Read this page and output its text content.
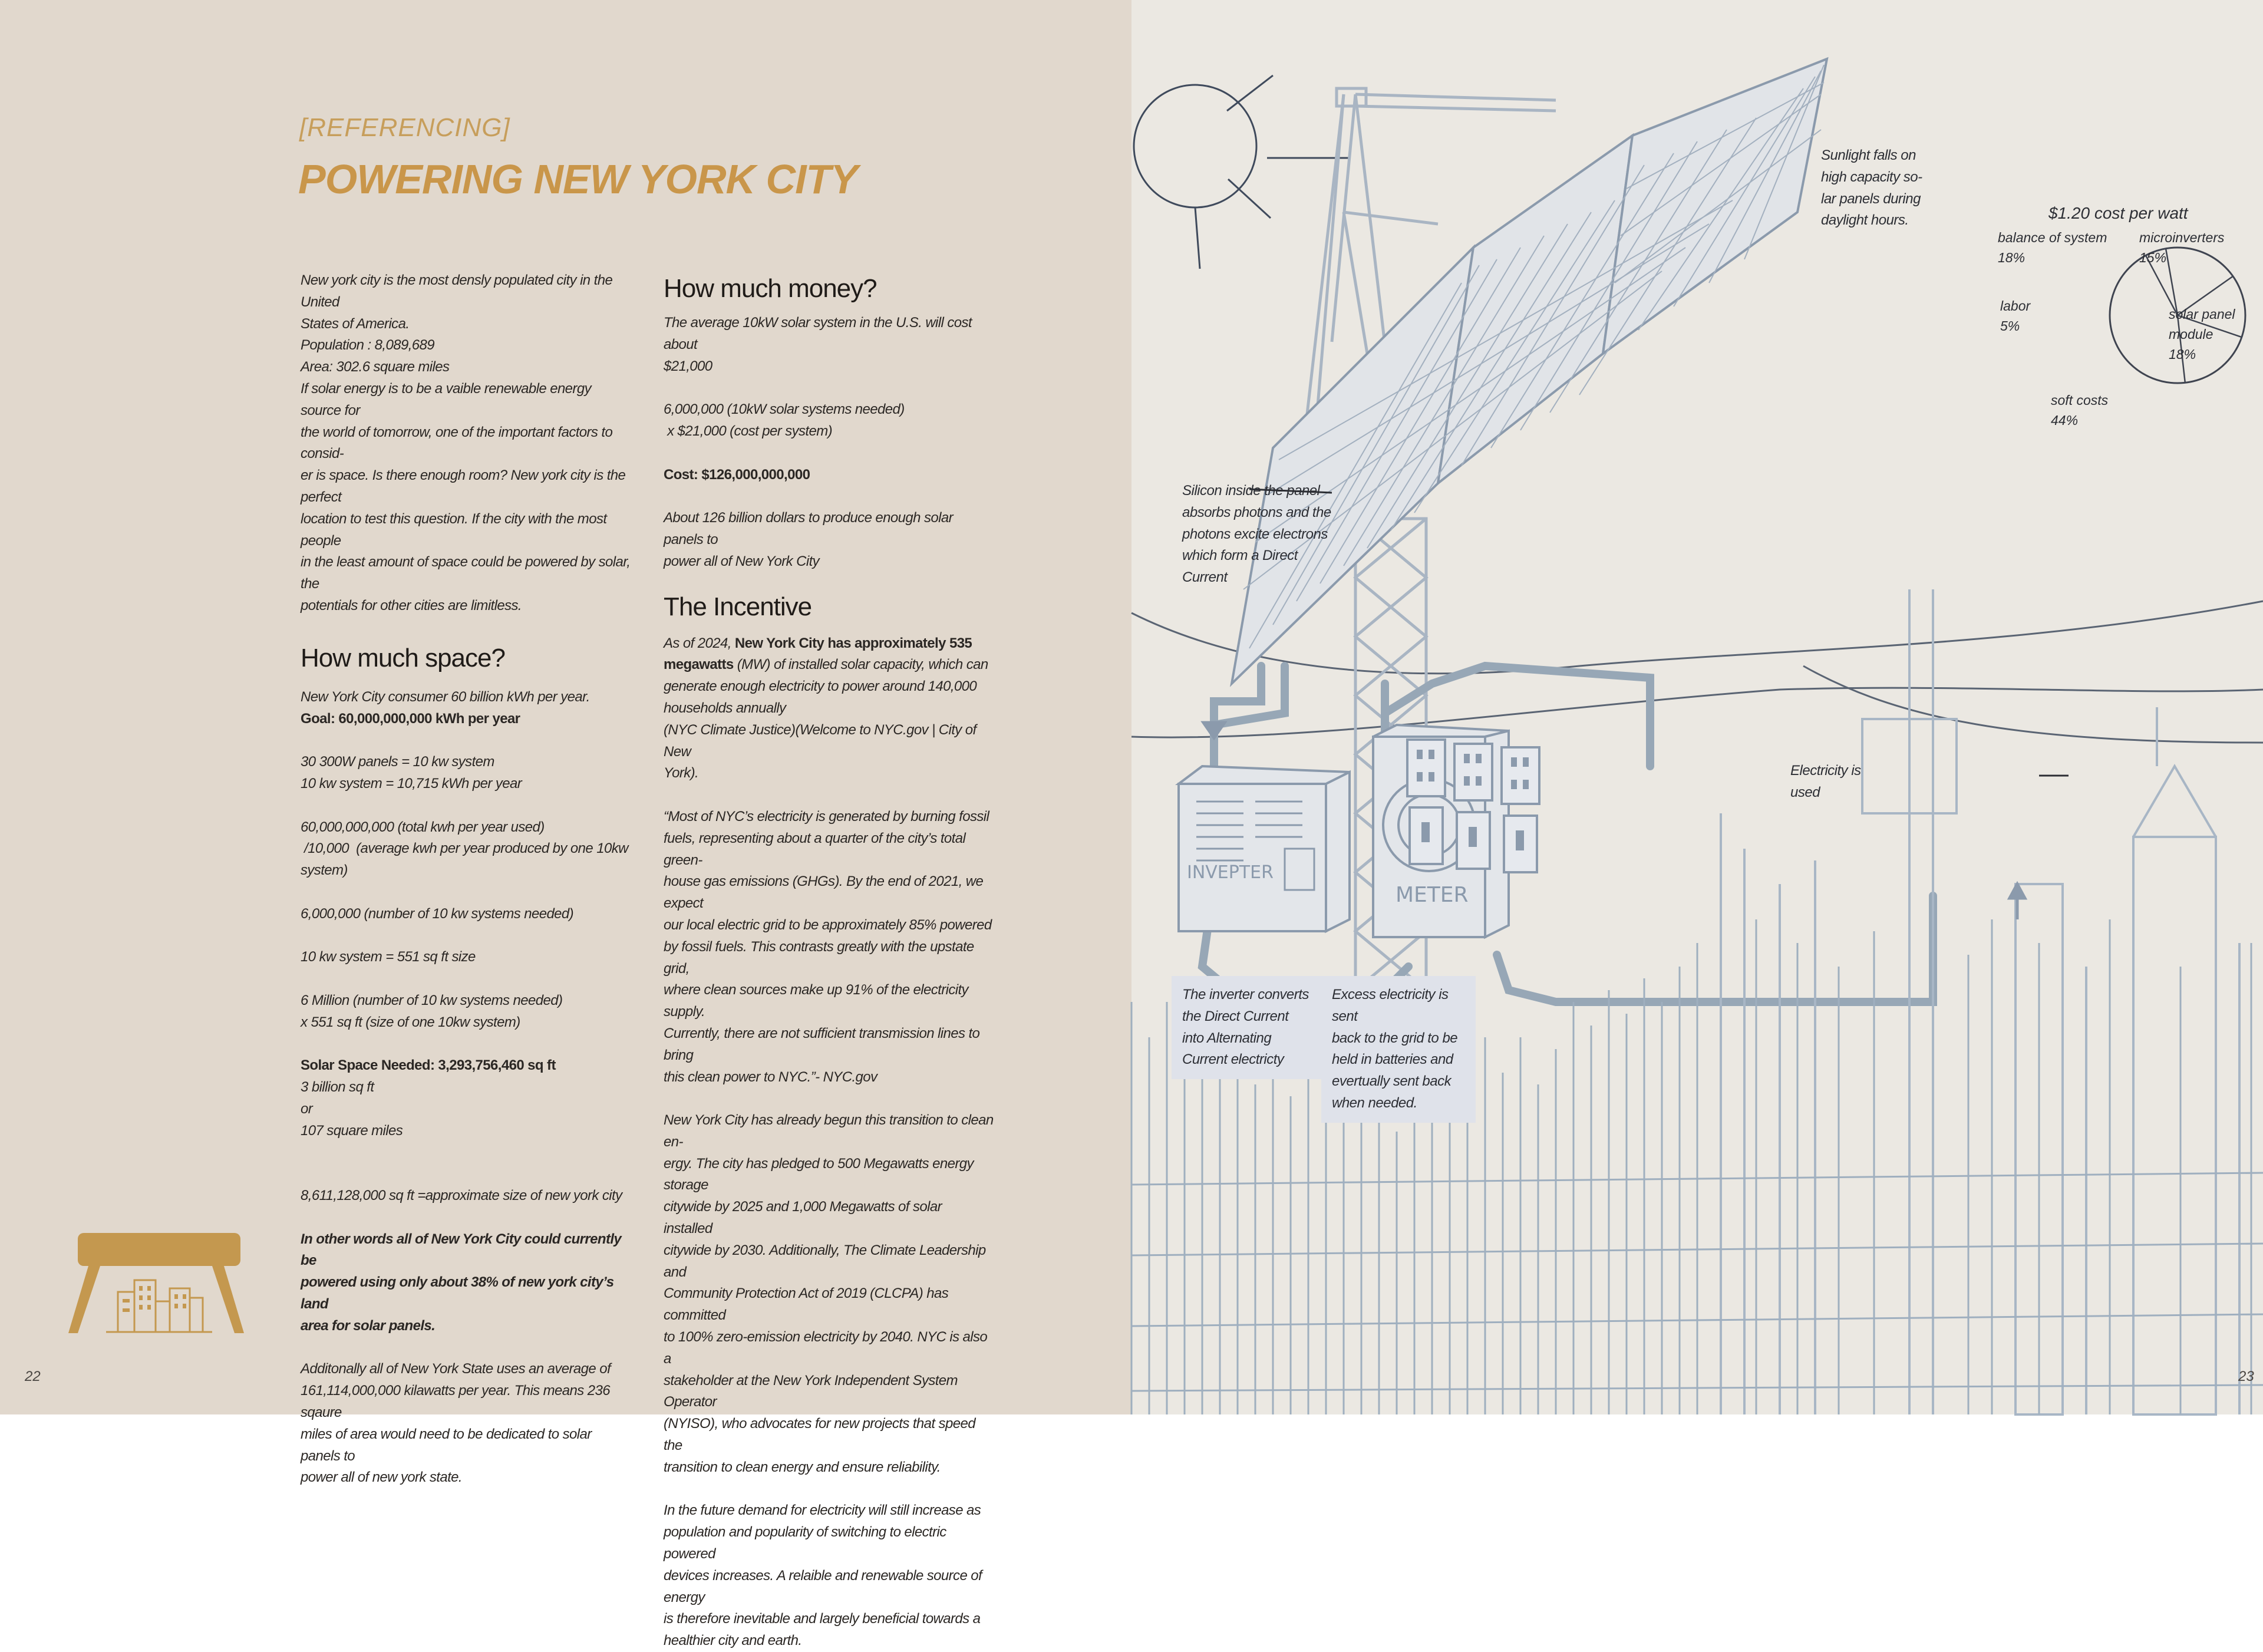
[REFERENCING]
POWERING NEW YORK CITY

New york city is the most densly populated city in the United

States of America.

Population : 8,089,689

Area: 302.6 square miles

If solar energy is to be a vaible renewable energy source for

the world of tomorrow, one of the important factors to consid-

er is space. Is there enough room? New york city is the perfect

location to test this question. If the city with the most people

in the least amount of space could be powered by solar, the

potentials for other cities are limitless.

How much space?

New York City consumer 60 billion kWh per year.

Goal: 60,000,000,000 kWh per year

30 300W panels = 10 kw system

10 kw system = 10,715 kWh per year

60,000,000,000 (total kwh per year used)

/10,000  (average kwh per year produced by one 10kw

system)

6,000,000 (number of 10 kw systems needed)

10 kw system = 551 sq ft size

6 Million (number of 10 kw systems needed)

x 551 sq ft (size of one 10kw system)

Solar Space Needed: 3,293,756,460 sq ft

3 billion sq ft

or

107 square miles

8,611,128,000 sq ft =approximate size of new york city

In other words all of New York City could currently be

powered using only about 38% of new york city’s land

area for solar panels.

Additonally all of New York State uses an average of

161,114,000,000 kilawatts per year. This means 236 sqaure

miles of area would need to be dedicated to solar panels to

power all of new york state.

How much money?

The average 10kW solar system in the U.S. will cost about

$21,000

6,000,000 (10kW solar systems needed)

x $21,000 (cost per system)

Cost: $126,000,000,000

About 126 billion dollars to produce enough solar panels to

power all of New York City

The Incentive

As of 2024, New York City has approximately 535

megawatts (MW) of installed solar capacity, which can

generate enough electricity to power around 140,000

households annually

(NYC Climate Justice)(Welcome to NYC.gov | City of New

York).

“Most of NYC’s electricity is generated by burning fossil

fuels, representing about a quarter of the city’s total green-

house gas emissions (GHGs). By the end of 2021, we expect

our local electric grid to be approximately 85% powered

by fossil fuels. This contrasts greatly with the upstate grid,

where clean sources make up 91% of the electricity supply.

Currently, there are not sufficient transmission lines to bring

this clean power to NYC.”- NYC.gov

New York City has already begun this transition to clean en-

ergy. The city has pledged to 500 Megawatts energy storage

citywide by 2025 and 1,000 Megawatts of solar installed

citywide by 2030. Additionally, The Climate Leadership and

Community Protection Act of 2019 (CLCPA) has committed

to 100% zero-emission electricity by 2040. NYC is also a

stakeholder at the New York Independent System Operator

(NYISO), who advocates for new projects that speed the

transition to clean energy and ensure reliability.

In the future demand for electricity will still increase as

population and popularity of switching to electric powered

devices increases. A relaible and renewable source of energy

is therefore inevitable and largely beneficial towards a

healthier city and earth.

22
INVEPTER
METER
Sunlight falls on
high capacity so-
lar panels during
daylight hours.
Silicon inside the panel
absorbs photons and the
photons excite electrons
which form a Direct
Current
Electricity is
used
The inverter converts
the Direct Current
into Alternating
Current electricty
Excess electricity is sent
back to the grid to be
held in batteries and
evertually sent back
when needed.
$1.20 cost per watt
balance of system
18%
microinverters
15%
labor
5%
solar panel
module
18%
soft costs
44%
23
